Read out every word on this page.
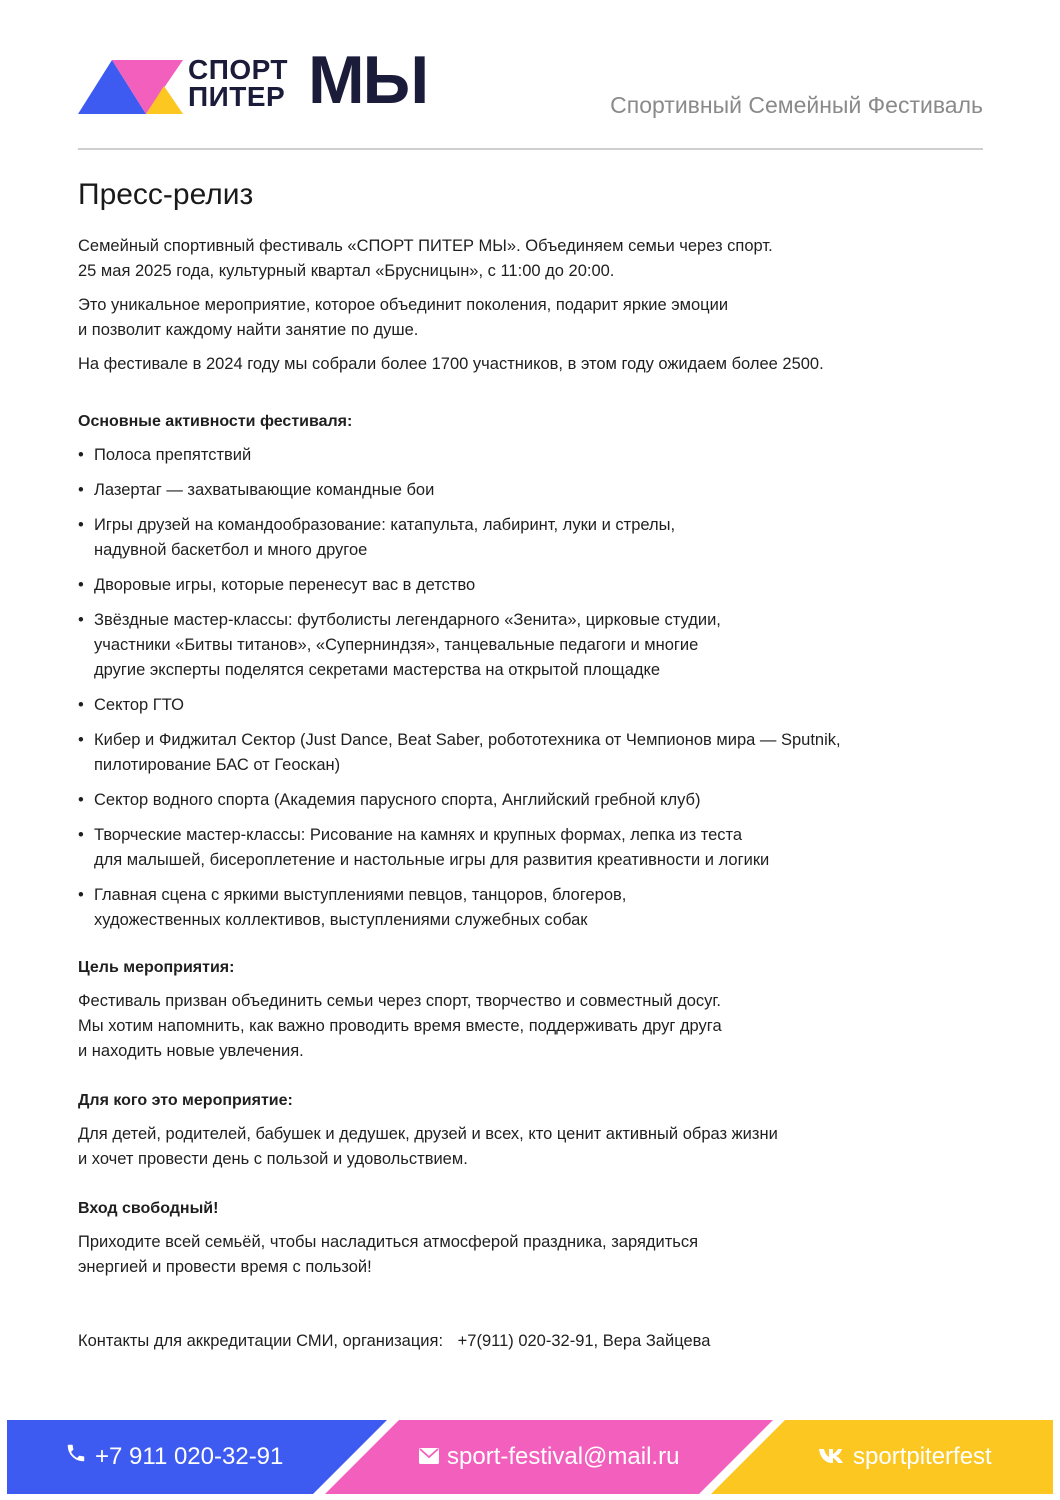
СПОРТ
ПИТЕР МЫ	Спортивный Семейный Фестиваль
Пресс-релиз

Семейный спортивный фестиваль «СПОРТ ПИТЕР МЫ». Объединяем семьи через спорт.
25 мая 2025 года, культурный квартал «Брусницын», с 11:00 до 20:00.

Это уникальное мероприятие, которое объединит поколения, подарит яркие эмоции
и позволит каждому найти занятие по душе.

На фестивале в 2024 году мы собрали более 1700 участников, в этом году ожидаем более 2500.

Основные активности фестиваля:
• Полоса препятствий
• Лазертаг — захватывающие командные бои
• Игры друзей на командообразование: катапульта, лабиринт, луки и стрелы,
надувной баскетбол и много другое
• Дворовые игры, которые перенесут вас в детство
• Звёздные мастер-классы: футболисты легендарного «Зенита», цирковые студии,
участники «Битвы титанов», «Суперниндзя», танцевальные педагоги и многие
другие эксперты поделятся секретами мастерства на открытой площадке
• Сектор ГТО
• Кибер и Фиджитал Сектор (Just Dance, Beat Saber, робототехника от Чемпионов мира — Sputnik,
пилотирование БАС от Геоскан)
• Сектор водного спорта (Академия парусного спорта, Английский гребной клуб)
• Творческие мастер-классы: Рисование на камнях и крупных формах, лепка из теста
для малышей, бисероплетение и настольные игры для развития креативности и логики
• Главная сцена с яркими выступлениями певцов, танцоров, блогеров,
художественных коллективов, выступлениями служебных собак
Цель мероприятия:

Фестиваль призван объединить семьи через спорт, творчество и совместный досуг.
Мы хотим напомнить, как важно проводить время вместе, поддерживать друг друга
и находить новые увлечения.

Для кого это мероприятие:

Для детей, родителей, бабушек и дедушек, друзей и всех, кто ценит активный образ жизни
и хочет провести день с пользой и удовольствием.

Вход свободный!

Приходите всей семьёй, чтобы насладиться атмосферой праздника, зарядиться
энергией и провести время с пользой!

Контакты для аккредитации СМИ, организация: +7(911) 020-32-91, Вера Зайцева
+7 911 020-32-91	sport-festival@mail.ru	sportpiterfest
